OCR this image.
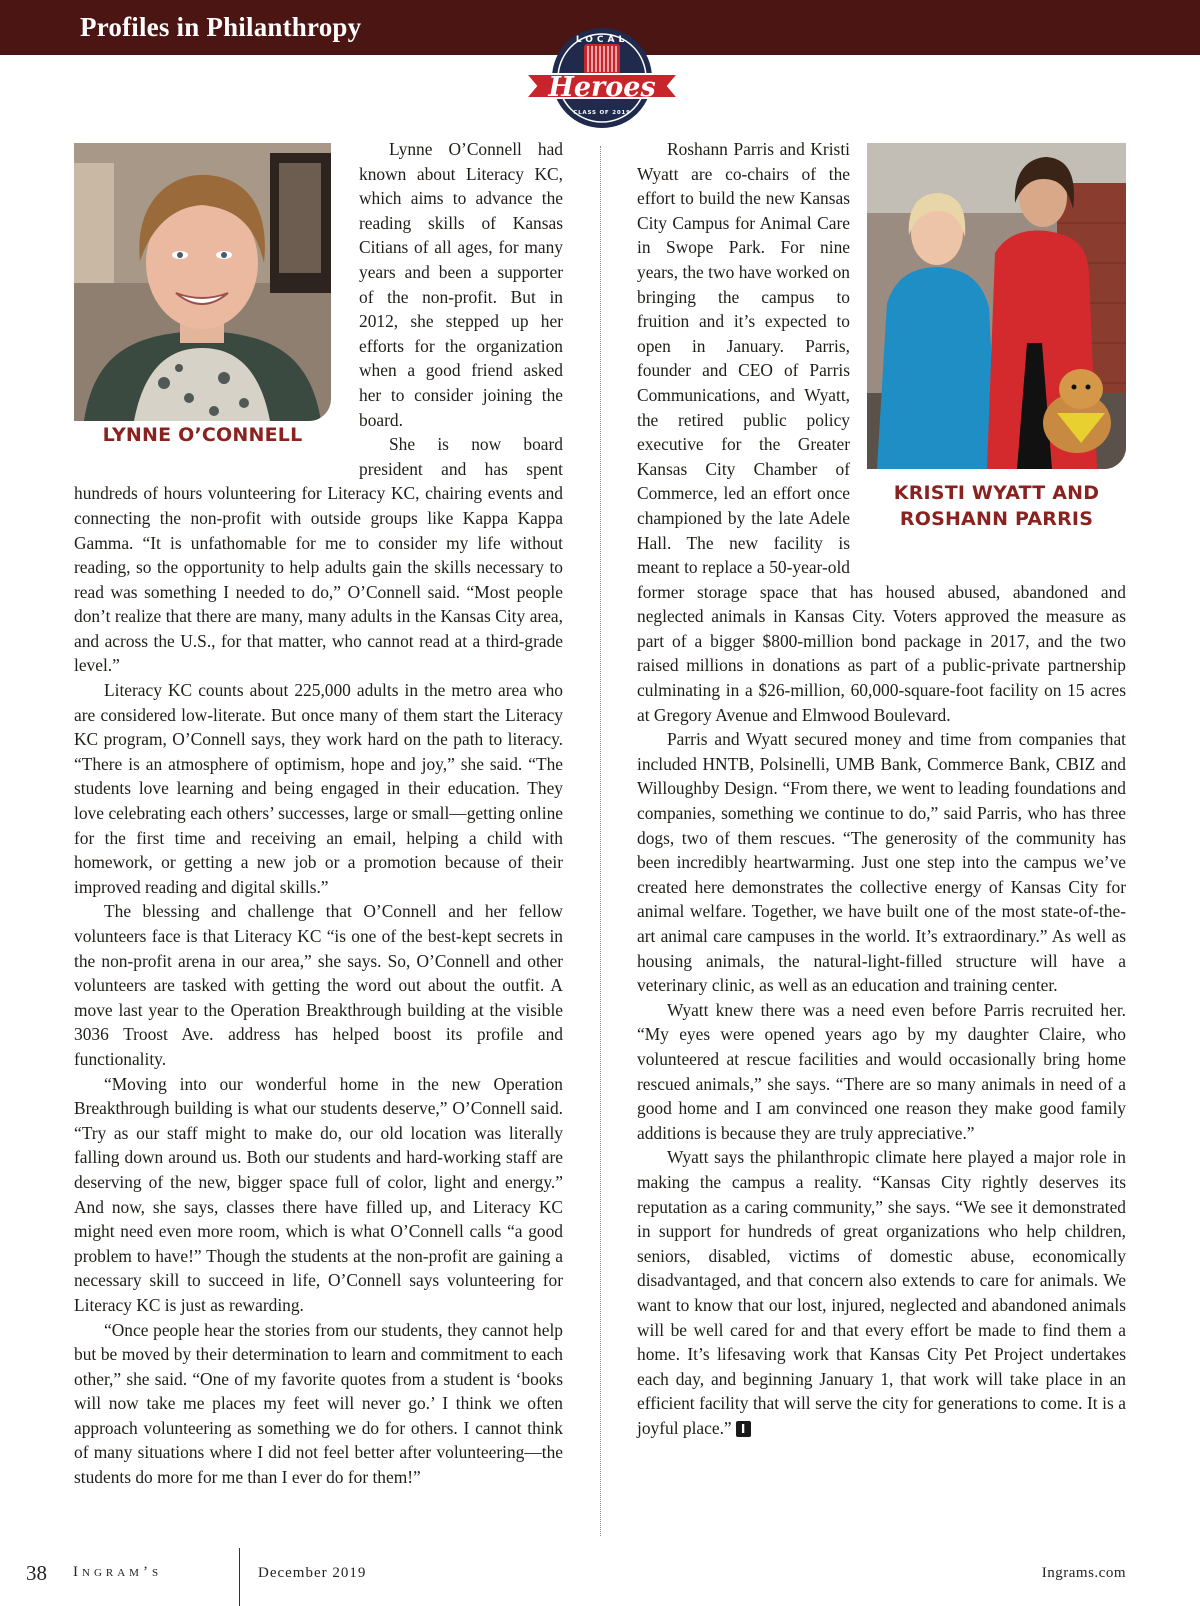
Profiles in Philanthropy	LOCAL
Heroes
CLASS OF 2019
LYNNE O’CONNELL
KRISTI WYATT AND
ROSHANN PARRIS

Lynne O’Connell had known about Literacy KC, which aims to advance the reading skills of Kansas Citians of all ages, for many years and been a supporter of the non-profit. But in 2012, she stepped up her efforts for the organization when a good friend asked her to consider joining the board.

She is now board president and has spent hundreds of hours volunteering for Literacy KC, chairing events and connecting the non-profit with outside groups like Kappa Kappa Gamma. “It is unfathomable for me to consider my life without reading, so the opportunity to help adults gain the skills necessary to read was something I needed to do,” O’Connell said. “Most people don’t realize that there are many, many adults in the Kansas City area, and across the U.S., for that matter, who cannot read at a third-grade level.”

Literacy KC counts about 225,000 adults in the metro area who are considered low-literate. But once many of them start the Literacy KC program, O’Connell says, they work hard on the path to literacy. “There is an atmosphere of optimism, hope and joy,” she said. “The students love learning and being engaged in their education. They love celebrating each others’ successes, large or small—getting online for the first time and receiving an email, helping a child with homework, or getting a new job or a promotion because of their improved reading and digital skills.”

The blessing and challenge that O’Connell and her fellow volunteers face is that Literacy KC “is one of the best-kept secrets in the non-profit arena in our area,” she says. So, O’Connell and other volunteers are tasked with getting the word out about the outfit. A move last year to the Operation Breakthrough building at the visible 3036 Troost Ave. address has helped boost its profile and functionality.

“Moving into our wonderful home in the new Operation Breakthrough building is what our students deserve,” O’Connell said. “Try as our staff might to make do, our old location was literally falling down around us. Both our students and hard-working staff are deserving of the new, bigger space full of color, light and energy.” And now, she says, classes there have filled up, and Literacy KC might need even more room, which is what O’Connell calls “a good problem to have!” Though the students at the non-profit are gaining a necessary skill to succeed in life, O’Connell says volunteering for Literacy KC is just as rewarding.

“Once people hear the stories from our students, they cannot help but be moved by their determination to learn and commitment to each other,” she said. “One of my favorite quotes from a student is ‘books will now take me places my feet will never go.’ I think we often approach volunteering as something we do for others. I cannot think of many situations where I did not feel better after volunteering—the students do more for me than I ever do for them!”

Roshann Parris and Kristi Wyatt are co-chairs of the effort to build the new Kansas City Campus for Animal Care in Swope Park. For nine years, the two have worked on bringing the campus to fruition and it’s expected to open in January. Parris, founder and CEO of Parris Communications, and Wyatt, the retired public policy executive for the Greater Kansas City Chamber of Commerce, led an effort once championed by the late Adele Hall. The new facility is meant to replace a 50-year-old former storage space that has housed abused, abandoned and neglected animals in Kansas City. Voters approved the measure as part of a bigger $800-million bond package in 2017, and the two raised millions in donations as part of a public-private partnership culminating in a $26-million, 60,000-square-foot facility on 15 acres at Gregory Avenue and Elmwood Boulevard.

Parris and Wyatt secured money and time from companies that included HNTB, Polsinelli, UMB Bank, Commerce Bank, CBIZ and Willoughby Design. “From there, we went to leading foundations and companies, something we continue to do,” said Parris, who has three dogs, two of them rescues. “The generosity of the community has been incredibly heartwarming. Just one step into the campus we’ve created here demonstrates the collective energy of Kansas City for animal welfare. Together, we have built one of the most state-of-the-art animal care campuses in the world. It’s extraordinary.” As well as housing animals, the natural-light-filled structure will have a veterinary clinic, as well as an education and training center.

Wyatt knew there was a need even before Parris recruited her. “My eyes were opened years ago by my daughter Claire, who volunteered at rescue facilities and would occasionally bring home rescued animals,” she says. “There are so many animals in need of a good home and I am convinced one reason they make good family additions is because they are truly appreciative.”

Wyatt says the philanthropic climate here played a major role in making the campus a reality. “Kansas City rightly deserves its reputation as a caring community,” she says. “We see it demonstrated in support for hundreds of great organizations who help children, seniors, disabled, victims of domestic abuse, economically disadvantaged, and that concern also extends to care for animals. We want to know that our lost, injured, neglected and abandoned animals will be well cared for and that every effort be made to find them a home. It’s lifesaving work that Kansas City Pet Project undertakes each day, and beginning January 1, that work will take place in an efficient facility that will serve the city for generations to come. It is a joyful place.” I

38 Ingram’s	December 2019	Ingrams.com
